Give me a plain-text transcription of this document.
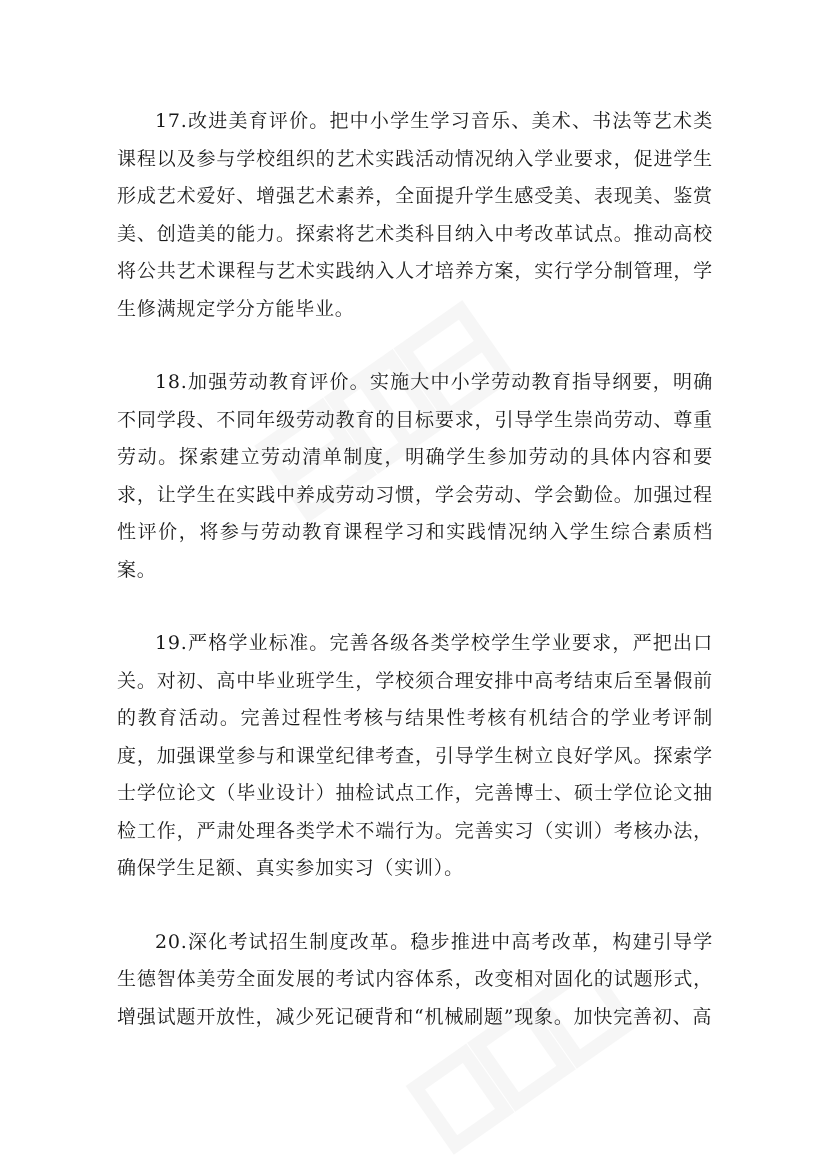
17.改进美育评价。把中小学生学习音乐、美术、书法等艺术类课程以及参与学校组织的艺术实践活动情况纳入学业要求，促进学生形成艺术爱好、增强艺术素养，全面提升学生感受美、表现美、鉴赏美、创造美的能力。探索将艺术类科目纳入中考改革试点。推动高校将公共艺术课程与艺术实践纳入人才培养方案，实行学分制管理，学生修满规定学分方能毕业。

18.加强劳动教育评价。实施大中小学劳动教育指导纲要，明确不同学段、不同年级劳动教育的目标要求，引导学生崇尚劳动、尊重劳动。探索建立劳动清单制度，明确学生参加劳动的具体内容和要求，让学生在实践中养成劳动习惯，学会劳动、学会勤俭。加强过程性评价，将参与劳动教育课程学习和实践情况纳入学生综合素质档案。

19.严格学业标准。完善各级各类学校学生学业要求，严把出口关。对初、高中毕业班学生，学校须合理安排中高考结束后至暑假前的教育活动。完善过程性考核与结果性考核有机结合的学业考评制度，加强课堂参与和课堂纪律考查，引导学生树立良好学风。探索学士学位论文（毕业设计）抽检试点工作，完善博士、硕士学位论文抽检工作，严肃处理各类学术不端行为。完善实习（实训）考核办法，确保学生足额、真实参加实习（实训）。

20.深化考试招生制度改革。稳步推进中高考改革，构建引导学生德智体美劳全面发展的考试内容体系，改变相对固化的试题形式，增强试题开放性，减少死记硬背和“机械刷题”现象。加快完善初、高
